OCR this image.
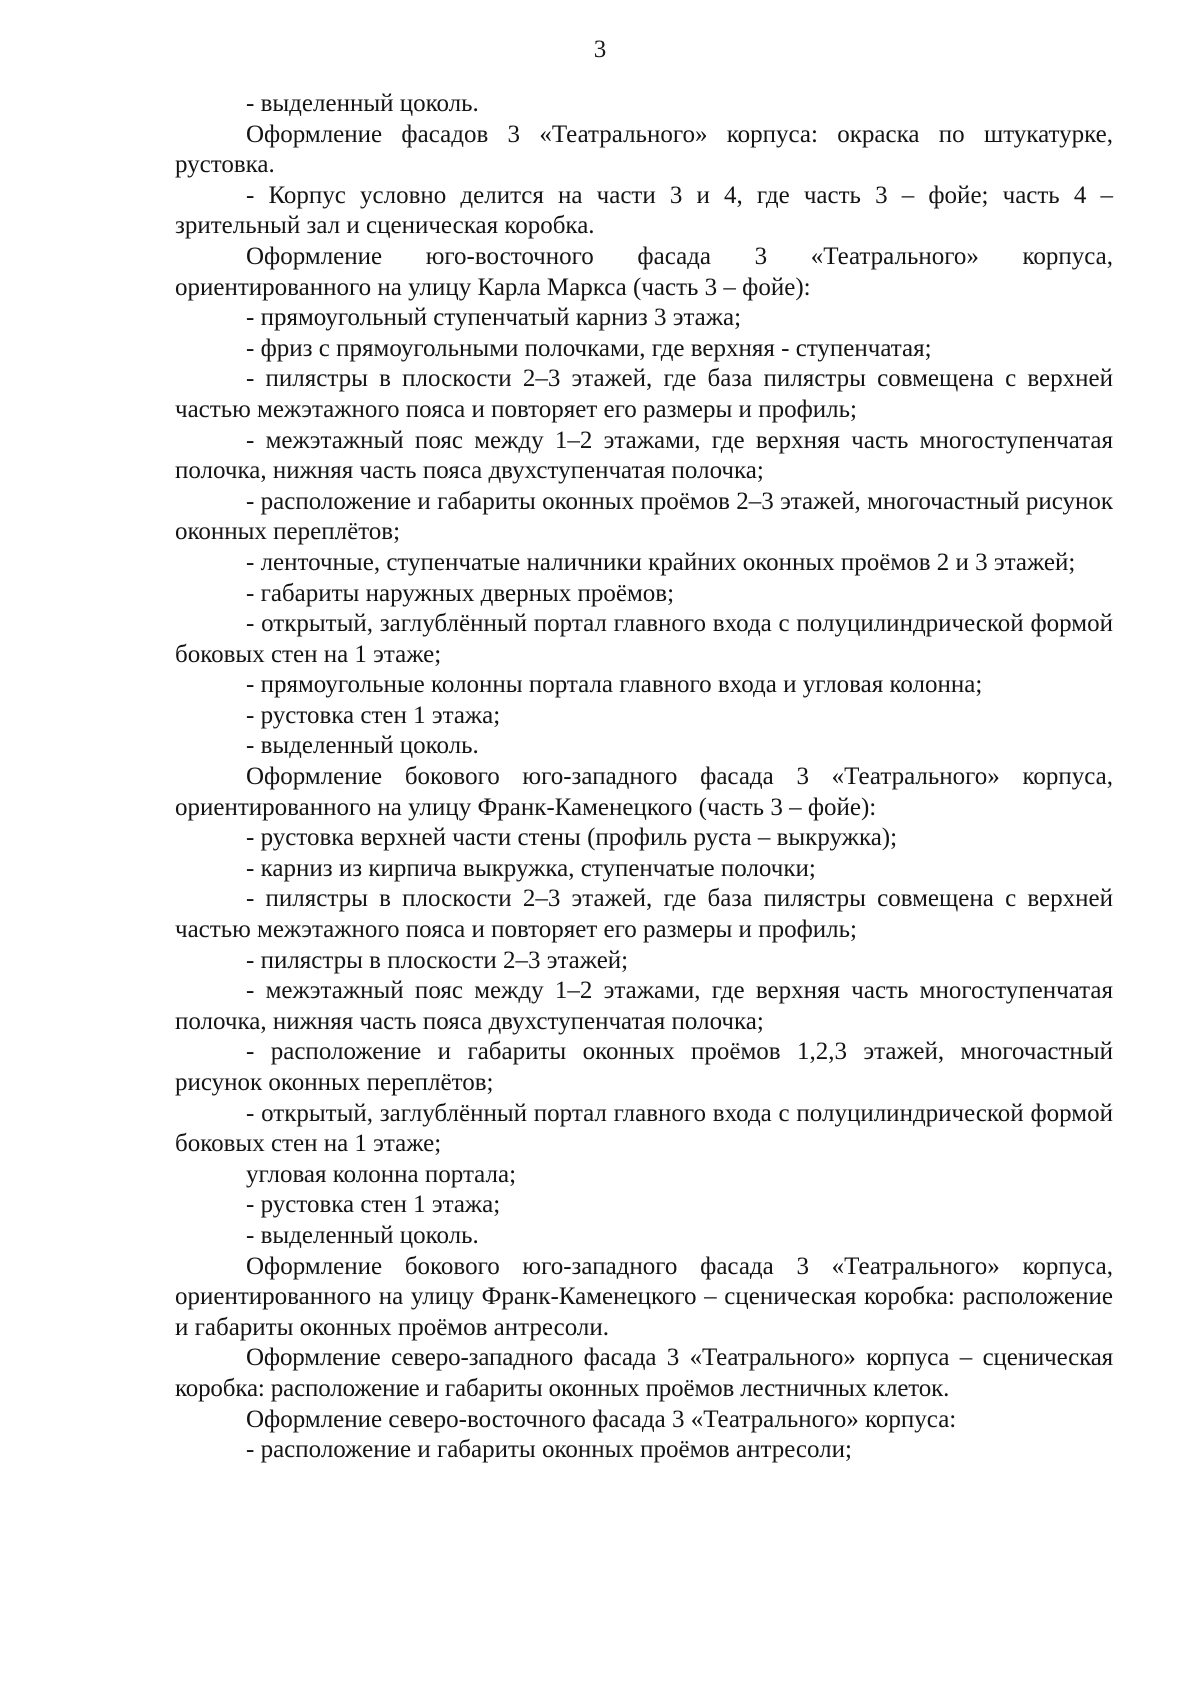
3

- выделенный цоколь.

Оформление фасадов 3 «Театрального» корпуса: окраска по штукатурке, рустовка.

- Корпус условно делится на части 3 и 4, где часть 3 – фойе; часть 4 – зрительный зал и сценическая коробка.

Оформление юго-восточного фасада 3 «Театрального» корпуса, ориентированного на улицу Карла Маркса (часть 3 – фойе):

- прямоугольный ступенчатый карниз 3 этажа;

- фриз с прямоугольными полочками, где верхняя - ступенчатая;

- пилястры в плоскости 2–3 этажей, где база пилястры совмещена с верхней частью межэтажного пояса и повторяет его размеры и профиль;

- межэтажный пояс между 1–2 этажами, где верхняя часть многоступенчатая полочка, нижняя часть пояса двухступенчатая полочка;

- расположение и габариты оконных проёмов 2–3 этажей, многочастный рисунок оконных переплётов;

- ленточные, ступенчатые наличники крайних оконных проёмов 2 и 3 этажей;

- габариты наружных дверных проёмов;

- открытый, заглублённый портал главного входа с полуцилиндрической формой боковых стен на 1 этаже;

- прямоугольные колонны портала главного входа и угловая колонна;

- рустовка стен 1 этажа;

- выделенный цоколь.

Оформление бокового юго-западного фасада 3 «Театрального» корпуса, ориентированного на улицу Франк-Каменецкого (часть 3 – фойе):

- рустовка верхней части стены (профиль руста – выкружка);

- карниз из кирпича выкружка, ступенчатые полочки;

- пилястры в плоскости 2–3 этажей, где база пилястры совмещена с верхней частью межэтажного пояса и повторяет его размеры и профиль;

- пилястры в плоскости 2–3 этажей;

- межэтажный пояс между 1–2 этажами, где верхняя часть многоступенчатая полочка, нижняя часть пояса двухступенчатая полочка;

- расположение и габариты оконных проёмов 1,2,3 этажей, многочастный рисунок оконных переплётов;

- открытый, заглублённый портал главного входа с полуцилиндрической формой боковых стен на 1 этаже;

угловая колонна портала;

- рустовка стен 1 этажа;

- выделенный цоколь.

Оформление бокового юго-западного фасада 3 «Театрального» корпуса, ориентированного на улицу Франк-Каменецкого – сценическая коробка: расположение и габариты оконных проёмов антресоли.

Оформление северо-западного фасада 3 «Театрального» корпуса – сценическая коробка: расположение и габариты оконных проёмов лестничных клеток.

Оформление северо-восточного фасада 3 «Театрального» корпуса:

- расположение и габариты оконных проёмов антресоли;
